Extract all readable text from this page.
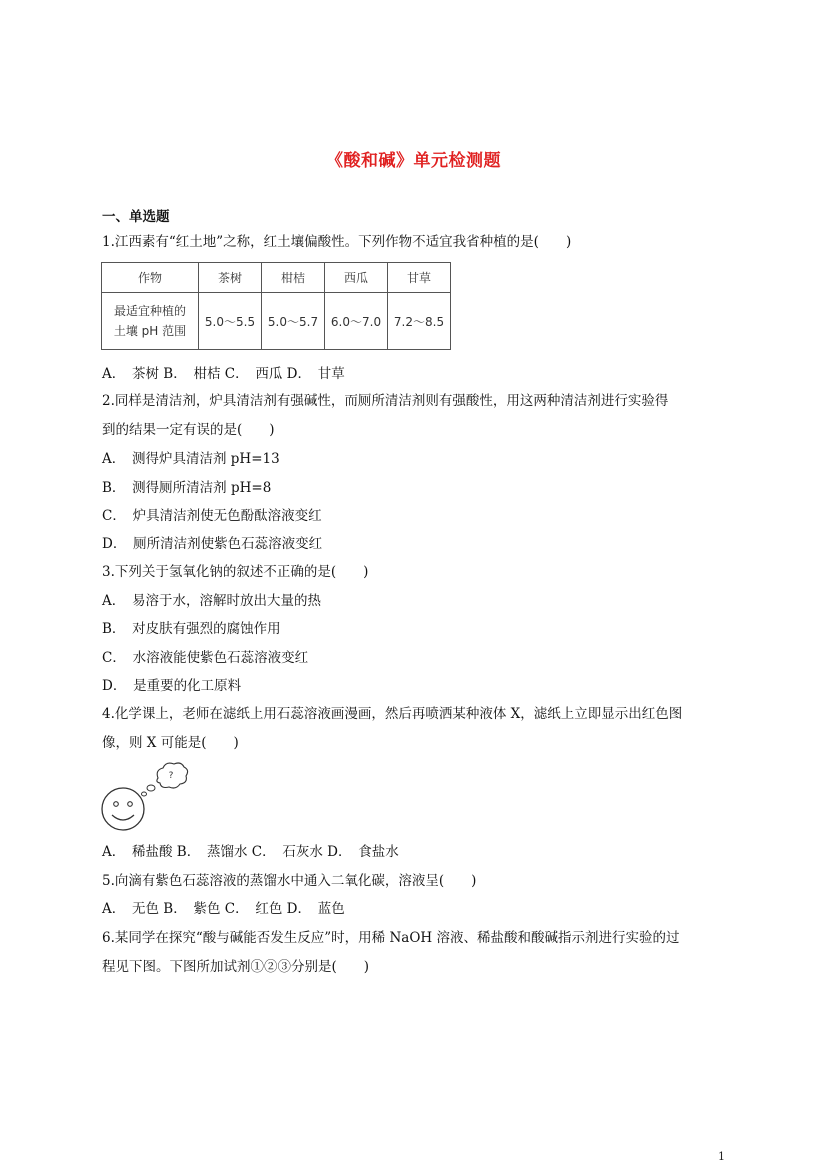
《酸和碱》单元检测题
一、单选题
1.江西素有“红土地”之称，红土壤偏酸性。下列作物不适宜我省种植的是(　　)
作物	茶树	柑桔	西瓜	甘草

最适宜种植的
土壤 pH 范围	5.0～5.5	5.0～5.7	6.0～7.0	7.2～8.5
A．　茶树 B．　柑桔 C．　西瓜 D．　甘草
2.同样是清洁剂，炉具清洁剂有强碱性，而厕所清洁剂则有强酸性，用这两种清洁剂进行实验得
到的结果一定有误的是(　　)
A．　测得炉具清洁剂 pH=13
B．　测得厕所清洁剂 pH=8
C．　炉具清洁剂使无色酚酞溶液变红
D．　厕所清洁剂使紫色石蕊溶液变红
3.下列关于氢氧化钠的叙述不正确的是(　　)
A．　易溶于水，溶解时放出大量的热
B．　对皮肤有强烈的腐蚀作用
C．　水溶液能使紫色石蕊溶液变红
D．　是重要的化工原料
4.化学课上，老师在滤纸上用石蕊溶液画漫画，然后再喷洒某种液体 X，滤纸上立即显示出红色图
像，则 X 可能是(　　)
?
A．　稀盐酸 B．　蒸馏水 C．　石灰水 D．　食盐水
5.向滴有紫色石蕊溶液的蒸馏水中通入二氧化碳，溶液呈(　　)
A．　无色 B．　紫色 C．　红色 D．　蓝色
6.某同学在探究“酸与碱能否发生反应”时，用稀 NaOH 溶液、稀盐酸和酸碱指示剂进行实验的过
程见下图。下图所加试剂①②③分别是(　　)
1
